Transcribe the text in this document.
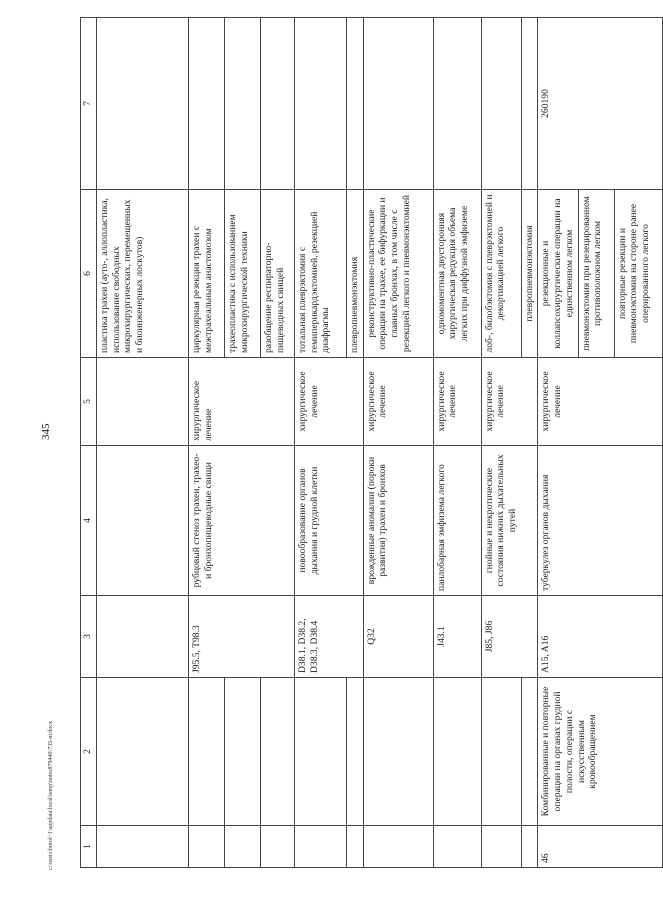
345
1	2	3	4	5	6	7
					пластика трахеи (ауто-, аллопластика, использование свободных микрохирургических, перемещенных и биоинженерных лоскутов)	
		J95.5, T98.3	рубцовый стеноз трахеи, трахео- и бронхопищеводные свищи	хирургическое лечение	циркулярная резекция трахеи с межтрахеальным анастомозом	
					трахеопластика с использованием микрохирургической техники	
					разобщение респираторно-пищеводных свищей	
		D38.1, D38.2, D38.3, D38.4	новообразование органов дыхания и грудной клетки	хирургическое лечение	тотальная плеврэктомия с гемиперикардэктомией, резекцией диафрагмы	
					плевропневмонэктомия	
		Q32	врожденные аномалии (пороки развития) трахеи и бронхов	хирургическое лечение	реконструктивно-пластические операции на трахее, ее бифуркации и главных бронхах, в том числе с резекцией легкого и пневмонэктомией	
		J43.1	панлобарная эмфизема легкого	хирургическое лечение	одномоментная двусторонняя хирургическая редукция объема легких при диффузной эмфиземе	
		J85, J86	гнойные и некротические состояния нижних дыхательных путей	хирургическое лечение	лоб-, билобэктомия с плеврэктомией и декортикацией легкого	
					плевропневмонэктомия	
46	Комбинированные и повторные операции на органах грудной полости, операции с искусственным кровообращением	A15, A16	туберкулез органов дыхания	хирургическое лечение	резекционные и коллапсохирургические операции на единственном легком	260190
					пневмонэктомия при резецированном противоположном легком	
					повторные резекции и пневмонэктомия на стороне ранее оперированного легкого	
c:\users\borol~1\appdata\local\temp\notes879440\735-m.docx
